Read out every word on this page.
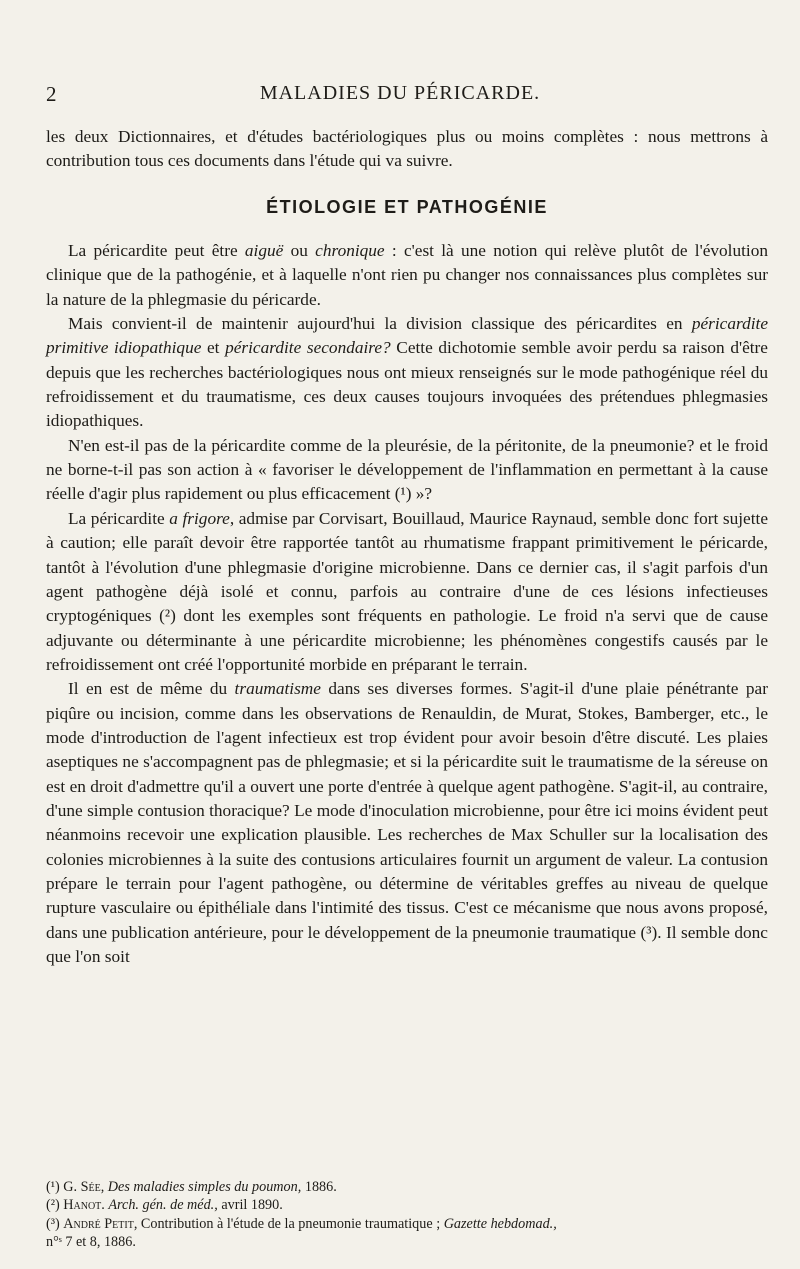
2	MALADIES DU PÉRICARDE.

les deux Dictionnaires, et d'études bactériologiques plus ou moins complètes : nous mettrons à contribution tous ces documents dans l'étude qui va suivre.

ÉTIOLOGIE ET PATHOGÉNIE

La péricardite peut être aiguë ou chronique : c'est là une notion qui relève plutôt de l'évolution clinique que de la pathogénie, et à laquelle n'ont rien pu changer nos connaissances plus complètes sur la nature de la phlegmasie du péricarde.

Mais convient-il de maintenir aujourd'hui la division classique des péricardites en péricardite primitive idiopathique et péricardite secondaire? Cette dichotomie semble avoir perdu sa raison d'être depuis que les recherches bactériologiques nous ont mieux renseignés sur le mode pathogénique réel du refroidissement et du traumatisme, ces deux causes toujours invoquées des prétendues phlegmasies idiopathiques.

N'en est-il pas de la péricardite comme de la pleurésie, de la péritonite, de la pneumonie? et le froid ne borne-t-il pas son action à « favoriser le développement de l'inflammation en permettant à la cause réelle d'agir plus rapidement ou plus efficacement (¹) »?

La péricardite a frigore, admise par Corvisart, Bouillaud, Maurice Raynaud, semble donc fort sujette à caution; elle paraît devoir être rapportée tantôt au rhumatisme frappant primitivement le péricarde, tantôt à l'évolution d'une phlegmasie d'origine microbienne. Dans ce dernier cas, il s'agit parfois d'un agent pathogène déjà isolé et connu, parfois au contraire d'une de ces lésions infectieuses cryptogéniques (²) dont les exemples sont fréquents en pathologie. Le froid n'a servi que de cause adjuvante ou déterminante à une péricardite microbienne; les phénomènes congestifs causés par le refroidissement ont créé l'opportunité morbide en préparant le terrain.

Il en est de même du traumatisme dans ses diverses formes. S'agit-il d'une plaie pénétrante par piqûre ou incision, comme dans les observations de Renauldin, de Murat, Stokes, Bamberger, etc., le mode d'introduction de l'agent infectieux est trop évident pour avoir besoin d'être discuté. Les plaies aseptiques ne s'accompagnent pas de phlegmasie; et si la péricardite suit le traumatisme de la séreuse on est en droit d'admettre qu'il a ouvert une porte d'entrée à quelque agent pathogène. S'agit-il, au contraire, d'une simple contusion thoracique? Le mode d'inoculation microbienne, pour être ici moins évident peut néanmoins recevoir une explication plausible. Les recherches de Max Schuller sur la localisation des colonies microbiennes à la suite des contusions articulaires fournit un argument de valeur. La contusion prépare le terrain pour l'agent pathogène, ou détermine de véritables greffes au niveau de quelque rupture vasculaire ou épithéliale dans l'intimité des tissus. C'est ce mécanisme que nous avons proposé, dans une publication antérieure, pour le développement de la pneumonie traumatique (³). Il semble donc que l'on soit

(¹) G. Sée, Des maladies simples du poumon, 1886.

(²) Hanot. Arch. gén. de méd., avril 1890.

(³) André Petit, Contribution à l'étude de la pneumonie traumatique ; Gazette hebdomad.,

n°ˢ 7 et 8, 1886.
